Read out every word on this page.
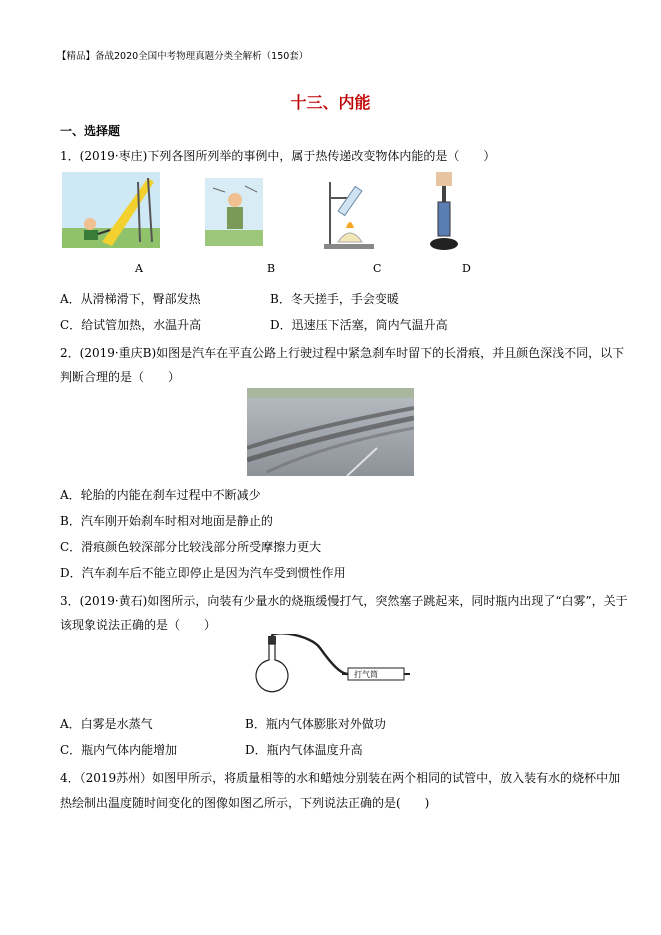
【精品】备战2020全国中考物理真题分类全解析（150套）
十三、内能
一、选择题
1．(2019·枣庄)下列各图所列举的事例中，属于热传递改变物体内能的是（　　）
A	B	C	D
A．从滑梯滑下，臀部发热	B．冬天搓手，手会变暖
C．给试管加热，水温升高	D．迅速压下活塞，筒内气温升高
2．(2019·重庆B)如图是汽车在平直公路上行驶过程中紧急刹车时留下的长滑痕，并且颜色深浅不同，以下
判断合理的是（　　）
A．轮胎的内能在刹车过程中不断减少
B．汽车刚开始刹车时相对地面是静止的
C．滑痕颜色较深部分比较浅部分所受摩擦力更大
D．汽车刹车后不能立即停止是因为汽车受到惯性作用
3．(2019·黄石)如图所示，向装有少量水的烧瓶缓慢打气，突然塞子跳起来，同时瓶内出现了“白雾”，关于
该现象说法正确的是（　　）
打气筒
A．白雾是水蒸气	B．瓶内气体膨胀对外做功
C．瓶内气体内能增加	D．瓶内气体温度升高
4．（2019苏州）如图甲所示，将质量相等的水和蜡烛分别装在两个相同的试管中，放入装有水的烧杯中加
热绘制出温度随时间变化的图像如图乙所示，下列说法正确的是(　　)
